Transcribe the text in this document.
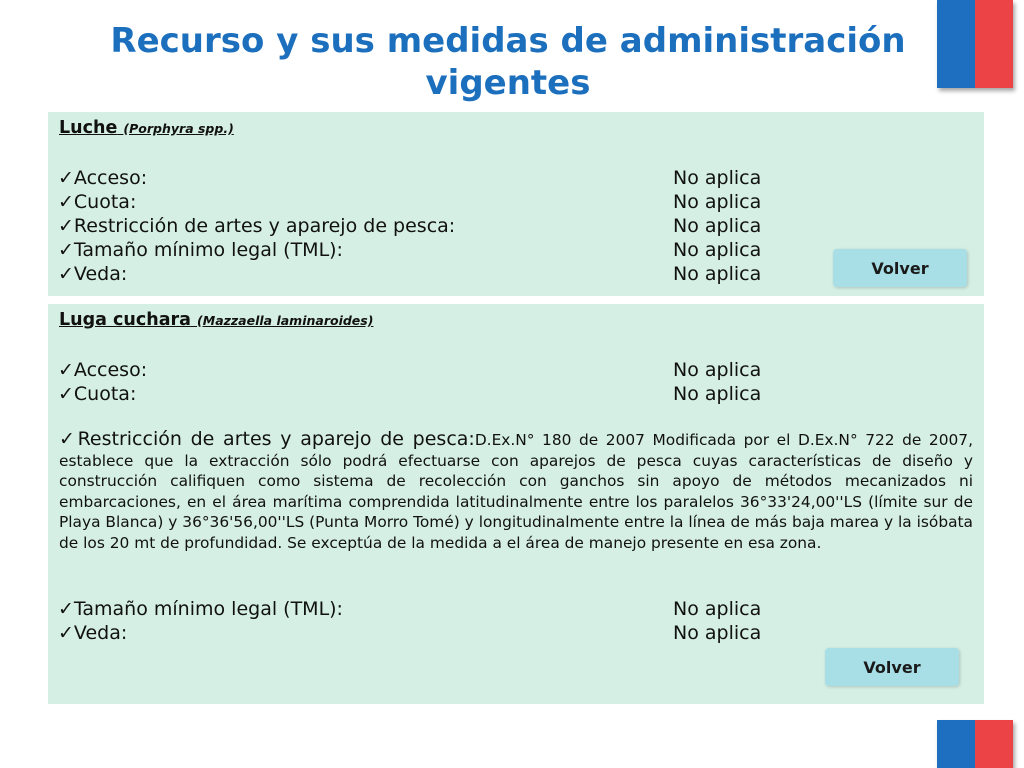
Recurso y sus medidas de administración vigentes
Luche (Porphyra spp.)
✓Acceso:	No aplica
✓Cuota:	No aplica
✓Restricción de artes y aparejo de pesca:	No aplica
✓Tamaño mínimo legal (TML):	No aplica
✓Veda:	No aplica	Volver
Luga cuchara (Mazzaella laminaroides)
✓Acceso:	No aplica
✓Cuota:	No aplica
✓Restricción de artes y aparejo de pesca:D.Ex.N° 180 de 2007 Modificada por el D.Ex.N° 722 de 2007, establece que la extracción sólo podrá efectuarse con aparejos de pesca cuyas características de diseño y construcción califiquen como sistema de recolección con ganchos sin apoyo de métodos mecanizados ni embarcaciones, en el área marítima comprendida latitudinalmente entre los paralelos 36°33'24,00''LS (límite sur de Playa Blanca) y 36°36'56,00''LS (Punta Morro Tomé) y longitudinalmente entre la línea de más baja marea y la isóbata de los 20 mt de profundidad. Se exceptúa de la medida a el área de manejo presente en esa zona.
✓Tamaño mínimo legal (TML):	No aplica
✓Veda:	No aplica
Volver
